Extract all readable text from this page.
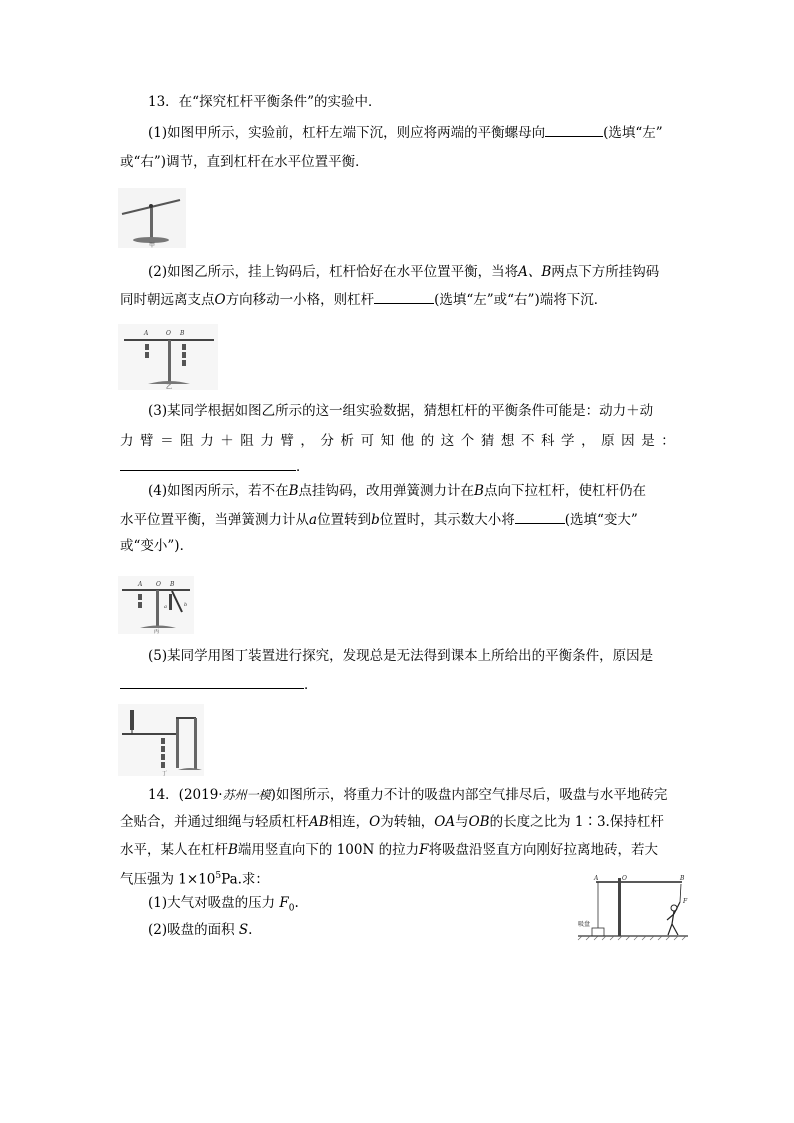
13．在“探究杠杆平衡条件”的实验中．
(1)如图甲所示，实验前，杠杆左端下沉，则应将两端的平衡螺母向	(选填“左”
或“右”)调节，直到杠杆在水平位置平衡．
甲
(2)如图乙所示，挂上钩码后，杠杆恰好在水平位置平衡，当将A、B两点下方所挂钩码
同时朝远离支点O方向移动一小格，则杠杆	(选填“左”或“右”)端将下沉．
A	O B
乙
(3)某同学根据如图乙所示的这一组实验数据，猜想杠杆的平衡条件可能是：动力＋动
力 臂 ＝ 阻 力 ＋ 阻 力 臂 ， 分 析 可 知 他 的 这 个 猜 想 不 科 学 ， 原 因 是 ：
．
(4)如图丙所示，若不在B点挂钩码，改用弹簧测力计在B点向下拉杠杆，使杠杆仍在
水平位置平衡，当弹簧测力计从a位置转到b位置时，其示数大小将	(选填“变大”
或“变小”)．
A O B
b
a
丙
(5)某同学用图丁装置进行探究，发现总是无法得到课本上所给出的平衡条件，原因是
．
丁
14．(2019·苏州一模)如图所示，将重力不计的吸盘内部空气排尽后，吸盘与水平地砖完
全贴合，并通过细绳与轻质杠杆AB相连，O为转轴，OA与OB的长度之比为 1∶3.保持杠杆
水平，某人在杠杆B端用竖直向下的 100N 的拉力F将吸盘沿竖直方向刚好拉离地砖，若大
气压强为 $1\times 10^5Pa$.求：
(1)大气对吸盘的压力 $F_0$.
(2)吸盘的面积 S.
A	O	B
吸盘
F
